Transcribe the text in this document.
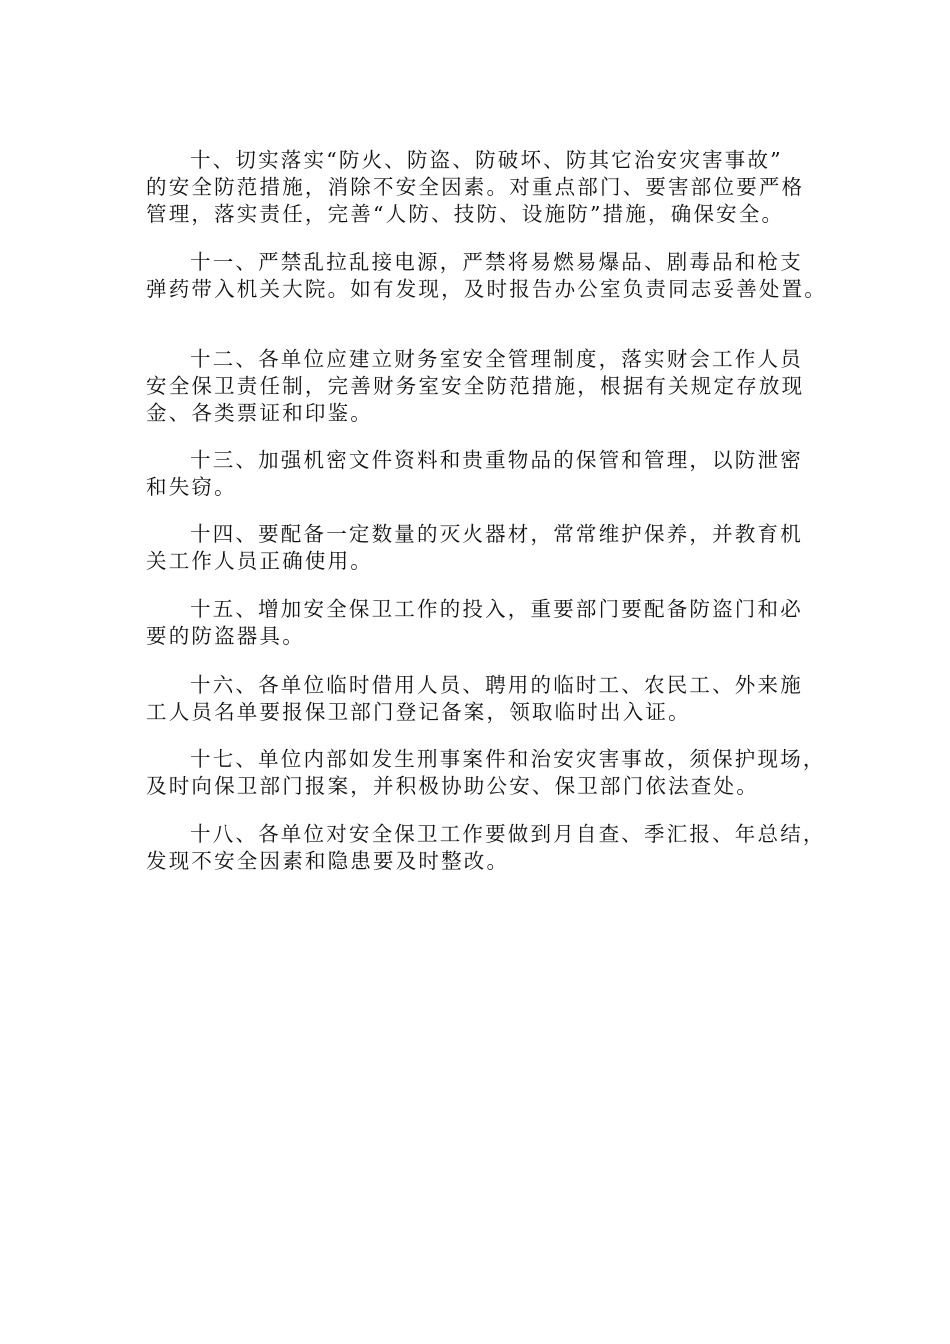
十、切实落实“防火、防盗、防破坏、防其它治安灾害事故”
的安全防范措施，消除不安全因素。对重点部门、要害部位要严格
管理，落实责任，完善“人防、技防、设施防”措施，确保安全。
十一、严禁乱拉乱接电源，严禁将易燃易爆品、剧毒品和枪支
弹药带入机关大院。如有发现，及时报告办公室负责同志妥善处置。
十二、各单位应建立财务室安全管理制度，落实财会工作人员
安全保卫责任制，完善财务室安全防范措施，根据有关规定存放现
金、各类票证和印鉴。
十三、加强机密文件资料和贵重物品的保管和管理，以防泄密
和失窃。
十四、要配备一定数量的灭火器材，常常维护保养，并教育机
关工作人员正确使用。
十五、增加安全保卫工作的投入，重要部门要配备防盗门和必
要的防盗器具。
十六、各单位临时借用人员、聘用的临时工、农民工、外来施
工人员名单要报保卫部门登记备案，领取临时出入证。
十七、单位内部如发生刑事案件和治安灾害事故，须保护现场，
及时向保卫部门报案，并积极协助公安、保卫部门依法查处。
十八、各单位对安全保卫工作要做到月自查、季汇报、年总结，
发现不安全因素和隐患要及时整改。
